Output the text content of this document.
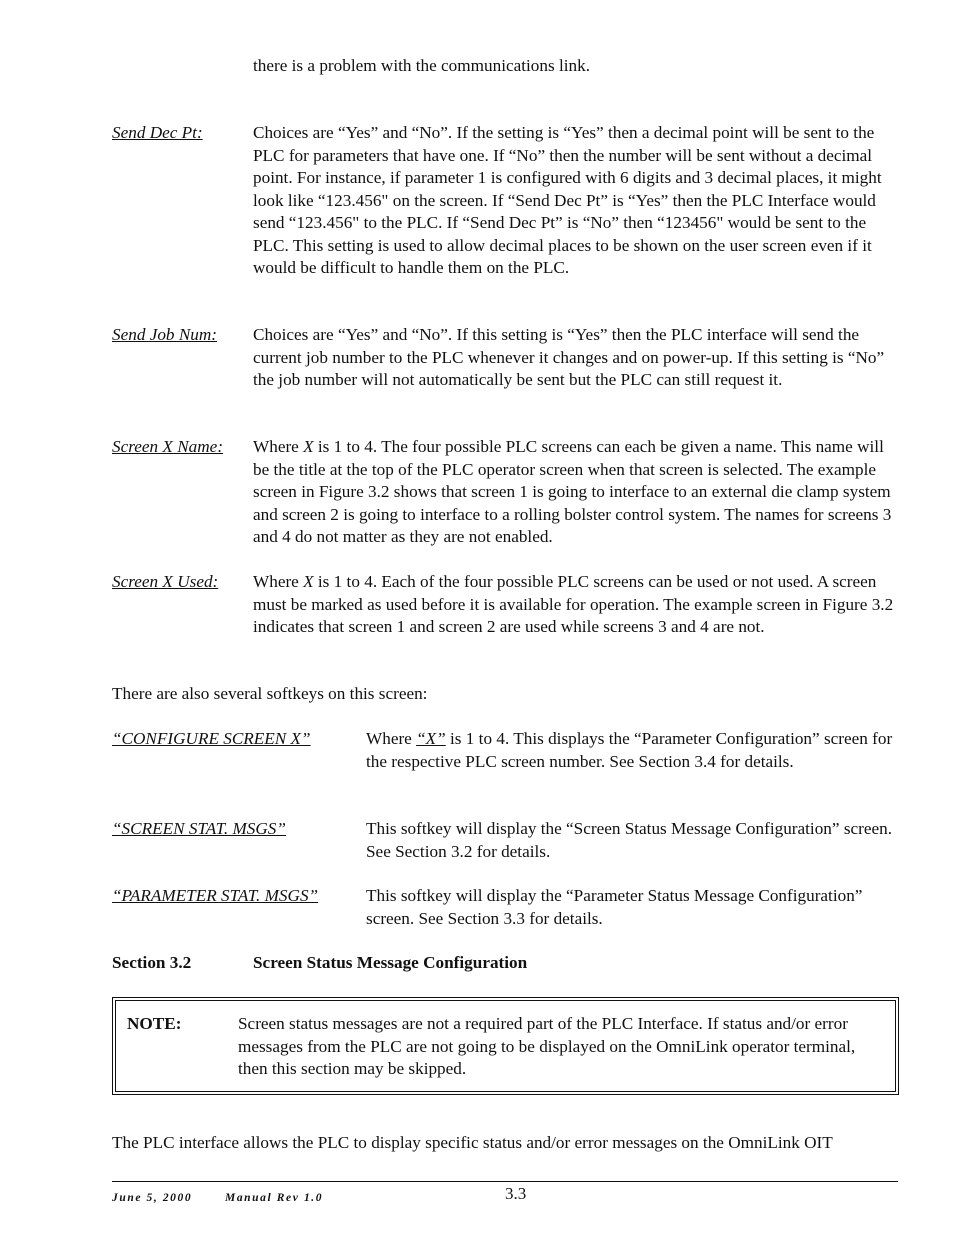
there is a problem with the communications link.
Send Dec Pt:	Choices are “Yes” and “No”. If the setting is “Yes” then a decimal point will be sent to the PLC for parameters that have one. If “No” then the number will be sent without a decimal point. For instance, if parameter 1 is configured with 6 digits and 3 decimal places, it might look like “123.456" on the screen. If “Send Dec Pt” is “Yes” then the PLC Interface would send “123.456" to the PLC. If “Send Dec Pt” is “No” then “123456" would be sent to the PLC. This setting is used to allow decimal places to be shown on the user screen even if it would be difficult to handle them on the PLC.
Send Job Num: Choices are “Yes” and “No”. If this setting is “Yes” then the PLC interface will send the current job number to the PLC whenever it changes and on power-up. If this setting is “No” the job number will not automatically be sent but the PLC can still request it.
Screen X Name: Where X is 1 to 4. The four possible PLC screens can each be given a name. This name will be the title at the top of the PLC operator screen when that screen is selected. The example screen in Figure 3.2 shows that screen 1 is going to interface to an external die clamp system and screen 2 is going to interface to a rolling bolster control system. The names for screens 3 and 4 do not matter as they are not enabled.
Screen X Used: Where X is 1 to 4. Each of the four possible PLC screens can be used or not used. A screen must be marked as used before it is available for operation. The example screen in Figure 3.2 indicates that screen 1 and screen 2 are used while screens 3 and 4 are not.
There are also several softkeys on this screen:
“CONFIGURE SCREEN X”	Where “X” is 1 to 4. This displays the “Parameter Configuration” screen for the respective PLC screen number. See Section 3.4 for details.
“SCREEN STAT. MSGS”	This softkey will display the “Screen Status Message Configuration” screen. See Section 3.2 for details.
“PARAMETER STAT. MSGS”	This softkey will display the “Parameter Status Message Configuration” screen. See Section 3.3 for details.
Section 3.2	Screen Status Message Configuration
NOTE:	Screen status messages are not a required part of the PLC Interface. If status and/or error messages from the PLC are not going to be displayed on the OmniLink operator terminal, then this section may be skipped.
The PLC interface allows the PLC to display specific status and/or error messages on the OmniLink OIT
June 5, 2000	Manual Rev 1.0	3.3
